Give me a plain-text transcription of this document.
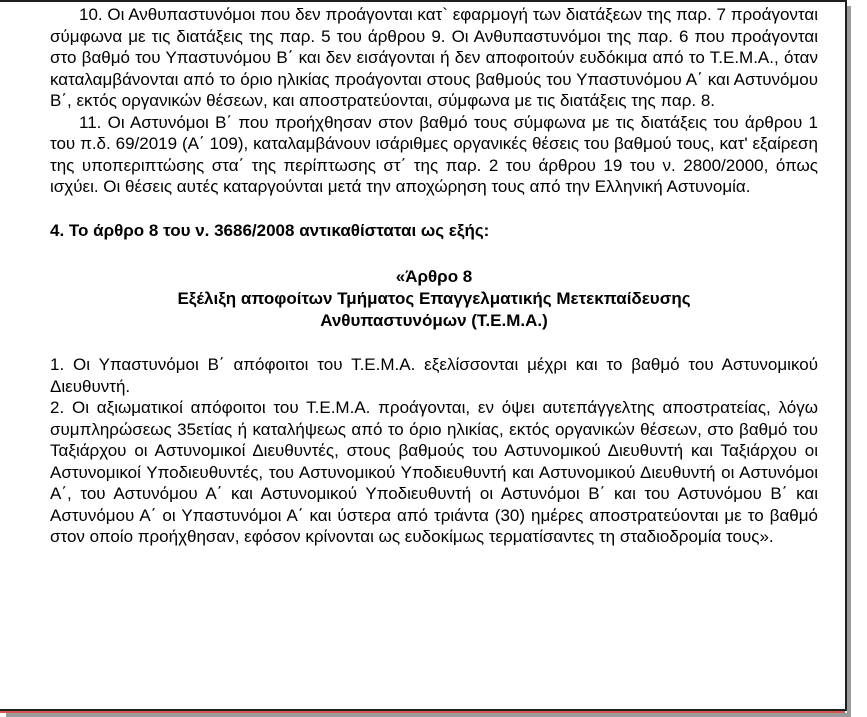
10. Οι Ανθυπαστυνόμοι που δεν προάγονται κατ` εφαρμογή των διατάξεων της παρ. 7 προάγονται σύμφωνα με τις διατάξεις της παρ. 5 του άρθρου 9. Οι Ανθυπαστυνόμοι της παρ. 6 που προάγονται στο βαθμό του Υπαστυνόμου Β΄ και δεν εισάγονται ή δεν αποφοιτούν ευδόκιμα από το Τ.Ε.Μ.Α., όταν καταλαμβάνονται από το όριο ηλικίας προάγονται στους βαθμούς του Υπαστυνόμου Α΄ και Αστυνόμου Β΄, εκτός οργανικών θέσεων, και αποστρατεύονται, σύμφωνα με τις διατάξεις της παρ. 8.

11. Οι Αστυνόμοι Β΄ που προήχθησαν στον βαθμό τους σύμφωνα με τις διατάξεις του άρθρου 1 του π.δ. 69/2019 (Α΄ 109), καταλαμβάνουν ισάριθμες οργανικές θέσεις του βαθμού τους, κατ' εξαίρεση της υποπεριπτώσης στα΄ της περίπτωσης στ΄ της παρ. 2 του άρθρου 19 του ν. 2800/2000, όπως ισχύει. Οι θέσεις αυτές καταργούνται μετά την αποχώρηση τους από την Ελληνική Αστυνομία.

4. Το άρθρο 8 του ν. 3686/2008 αντικαθίσταται ως εξής:

«Άρθρο 8
Εξέλιξη αποφοίτων Τμήματος Επαγγελματικής Μετεκπαίδευσης
Ανθυπαστυνόμων (Τ.Ε.Μ.Α.)

1. Οι Υπαστυνόμοι Β΄ απόφοιτοι του Τ.Ε.Μ.Α. εξελίσσονται μέχρι και το βαθμό του Αστυνομικού Διευθυντή.

2. Οι αξιωματικοί απόφοιτοι του Τ.Ε.Μ.Α. προάγονται, εν όψει αυτεπάγγελτης αποστρατείας, λόγω συμπληρώσεως 35ετίας ή καταλήψεως από το όριο ηλικίας, εκτός οργανικών θέσεων, στο βαθμό του Ταξιάρχου οι Αστυνομικοί Διευθυντές, στους βαθμούς του Αστυνομικού Διευθυντή και Ταξιάρχου οι Αστυνομικοί Υποδιευθυντές, του Αστυνομικού Υποδιευθυντή και Αστυνομικού Διευθυντή οι Αστυνόμοι Α΄, του Αστυνόμου Α΄ και Αστυνομικού Υποδιευθυντή οι Αστυνόμοι Β΄ και του Αστυνόμου Β΄ και Αστυνόμου Α΄ οι Υπαστυνόμοι Α΄ και ύστερα από τριάντα (30) ημέρες αποστρατεύονται με το βαθμό στον οποίο προήχθησαν, εφόσον κρίνονται ως ευδοκίμως τερματίσαντες τη σταδιοδρομία τους».
